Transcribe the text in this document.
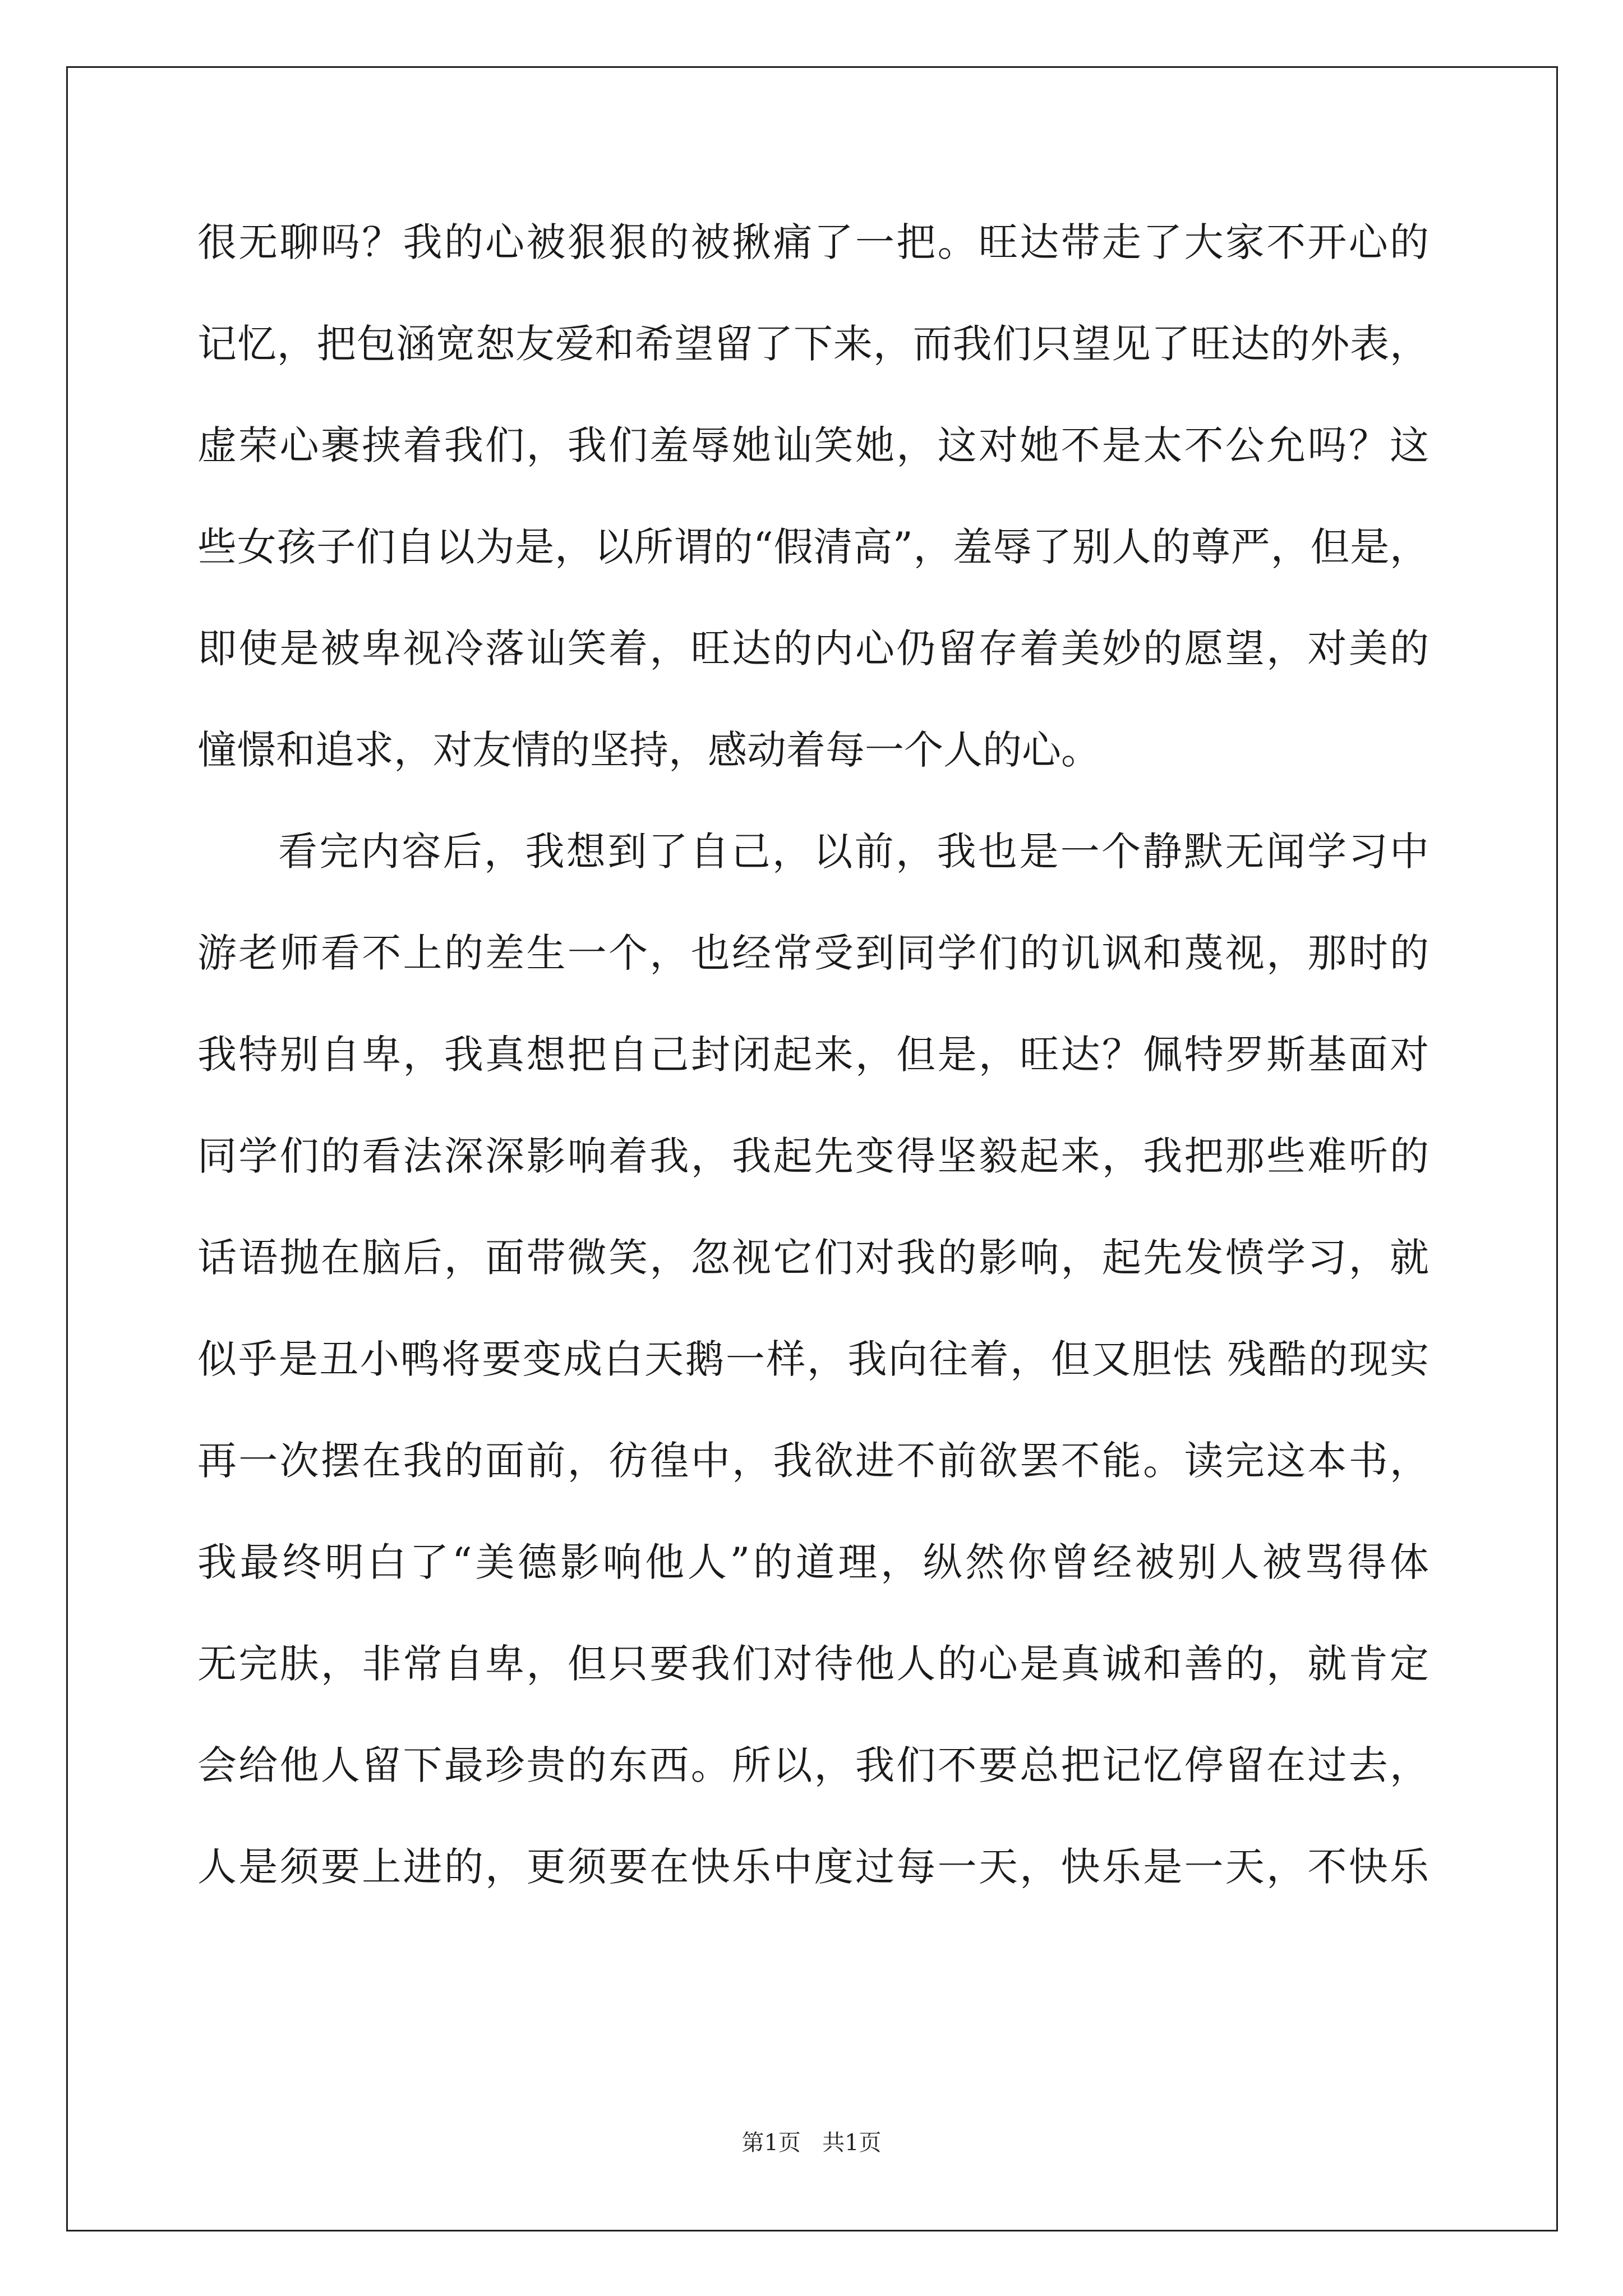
很无聊吗？我的心被狠狠的被揪痛了一把。旺达带走了大家不开心的
记忆，把包涵宽恕友爱和希望留了下来，而我们只望见了旺达的外表，
虚荣心裹挟着我们，我们羞辱她讪笑她，这对她不是太不公允吗？这
些女孩子们自以为是，以所谓的“假清高”，羞辱了别人的尊严，但是，
即使是被卑视冷落讪笑着，旺达的内心仍留存着美妙的愿望，对美的
憧憬和追求，对友情的坚持，感动着每一个人的心。
看完内容后，我想到了自己，以前，我也是一个静默无闻学习中
游老师看不上的差生一个，也经常受到同学们的讥讽和蔑视，那时的
我特别自卑，我真想把自己封闭起来，但是，旺达？佩特罗斯基面对
同学们的看法深深影响着我，我起先变得坚毅起来，我把那些难听的
话语抛在脑后，面带微笑，忽视它们对我的影响，起先发愤学习，就
似乎是丑小鸭将要变成白天鹅一样，我向往着，但又胆怯 残酷的现实
再一次摆在我的面前，彷徨中，我欲进不前欲罢不能。读完这本书，
我最终明白了“美德影响他人”的道理，纵然你曾经被别人被骂得体
无完肤，非常自卑，但只要我们对待他人的心是真诚和善的，就肯定
会给他人留下最珍贵的东西。所以，我们不要总把记忆停留在过去，
人是须要上进的，更须要在快乐中度过每一天，快乐是一天，不快乐
第1页 共1页
